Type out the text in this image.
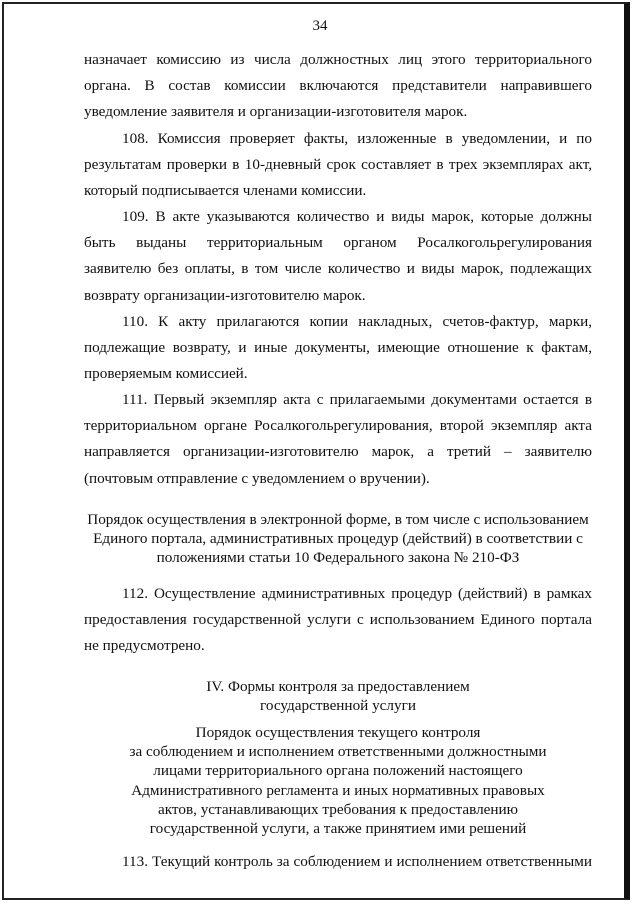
34
назначает комиссию из числа должностных лиц этого территориального органа. В состав комиссии включаются представители направившего уведомление заявителя и организации-изготовителя марок.
108. Комиссия проверяет факты, изложенные в уведомлении, и по результатам проверки в 10-дневный срок составляет в трех экземплярах акт, который подписывается членами комиссии.
109. В акте указываются количество и виды марок, которые должны быть выданы территориальным органом Росалкогольрегулирования заявителю без оплаты, в том числе количество и виды марок, подлежащих возврату организации-изготовителю марок.
110. К акту прилагаются копии накладных, счетов-фактур, марки, подлежащие возврату, и иные документы, имеющие отношение к фактам, проверяемым комиссией.
111. Первый экземпляр акта с прилагаемыми документами остается в территориальном органе Росалкогольрегулирования, второй экземпляр акта направляется организации-изготовителю марок, а третий – заявителю (почтовым отправление с уведомлением о вручении).
Порядок осуществления в электронной форме, в том числе с использованием
Единого портала, административных процедур (действий) в соответствии с
положениями статьи 10 Федерального закона № 210-ФЗ
112. Осуществление административных процедур (действий) в рамках предоставления государственной услуги с использованием Единого портала не предусмотрено.
IV. Формы контроля за предоставлением
государственной услуги
Порядок осуществления текущего контроля
за соблюдением и исполнением ответственными должностными
лицами территориального органа положений настоящего
Административного регламента и иных нормативных правовых
актов, устанавливающих требования к предоставлению
государственной услуги, а также принятием ими решений
113. Текущий контроль за соблюдением и исполнением ответственными
